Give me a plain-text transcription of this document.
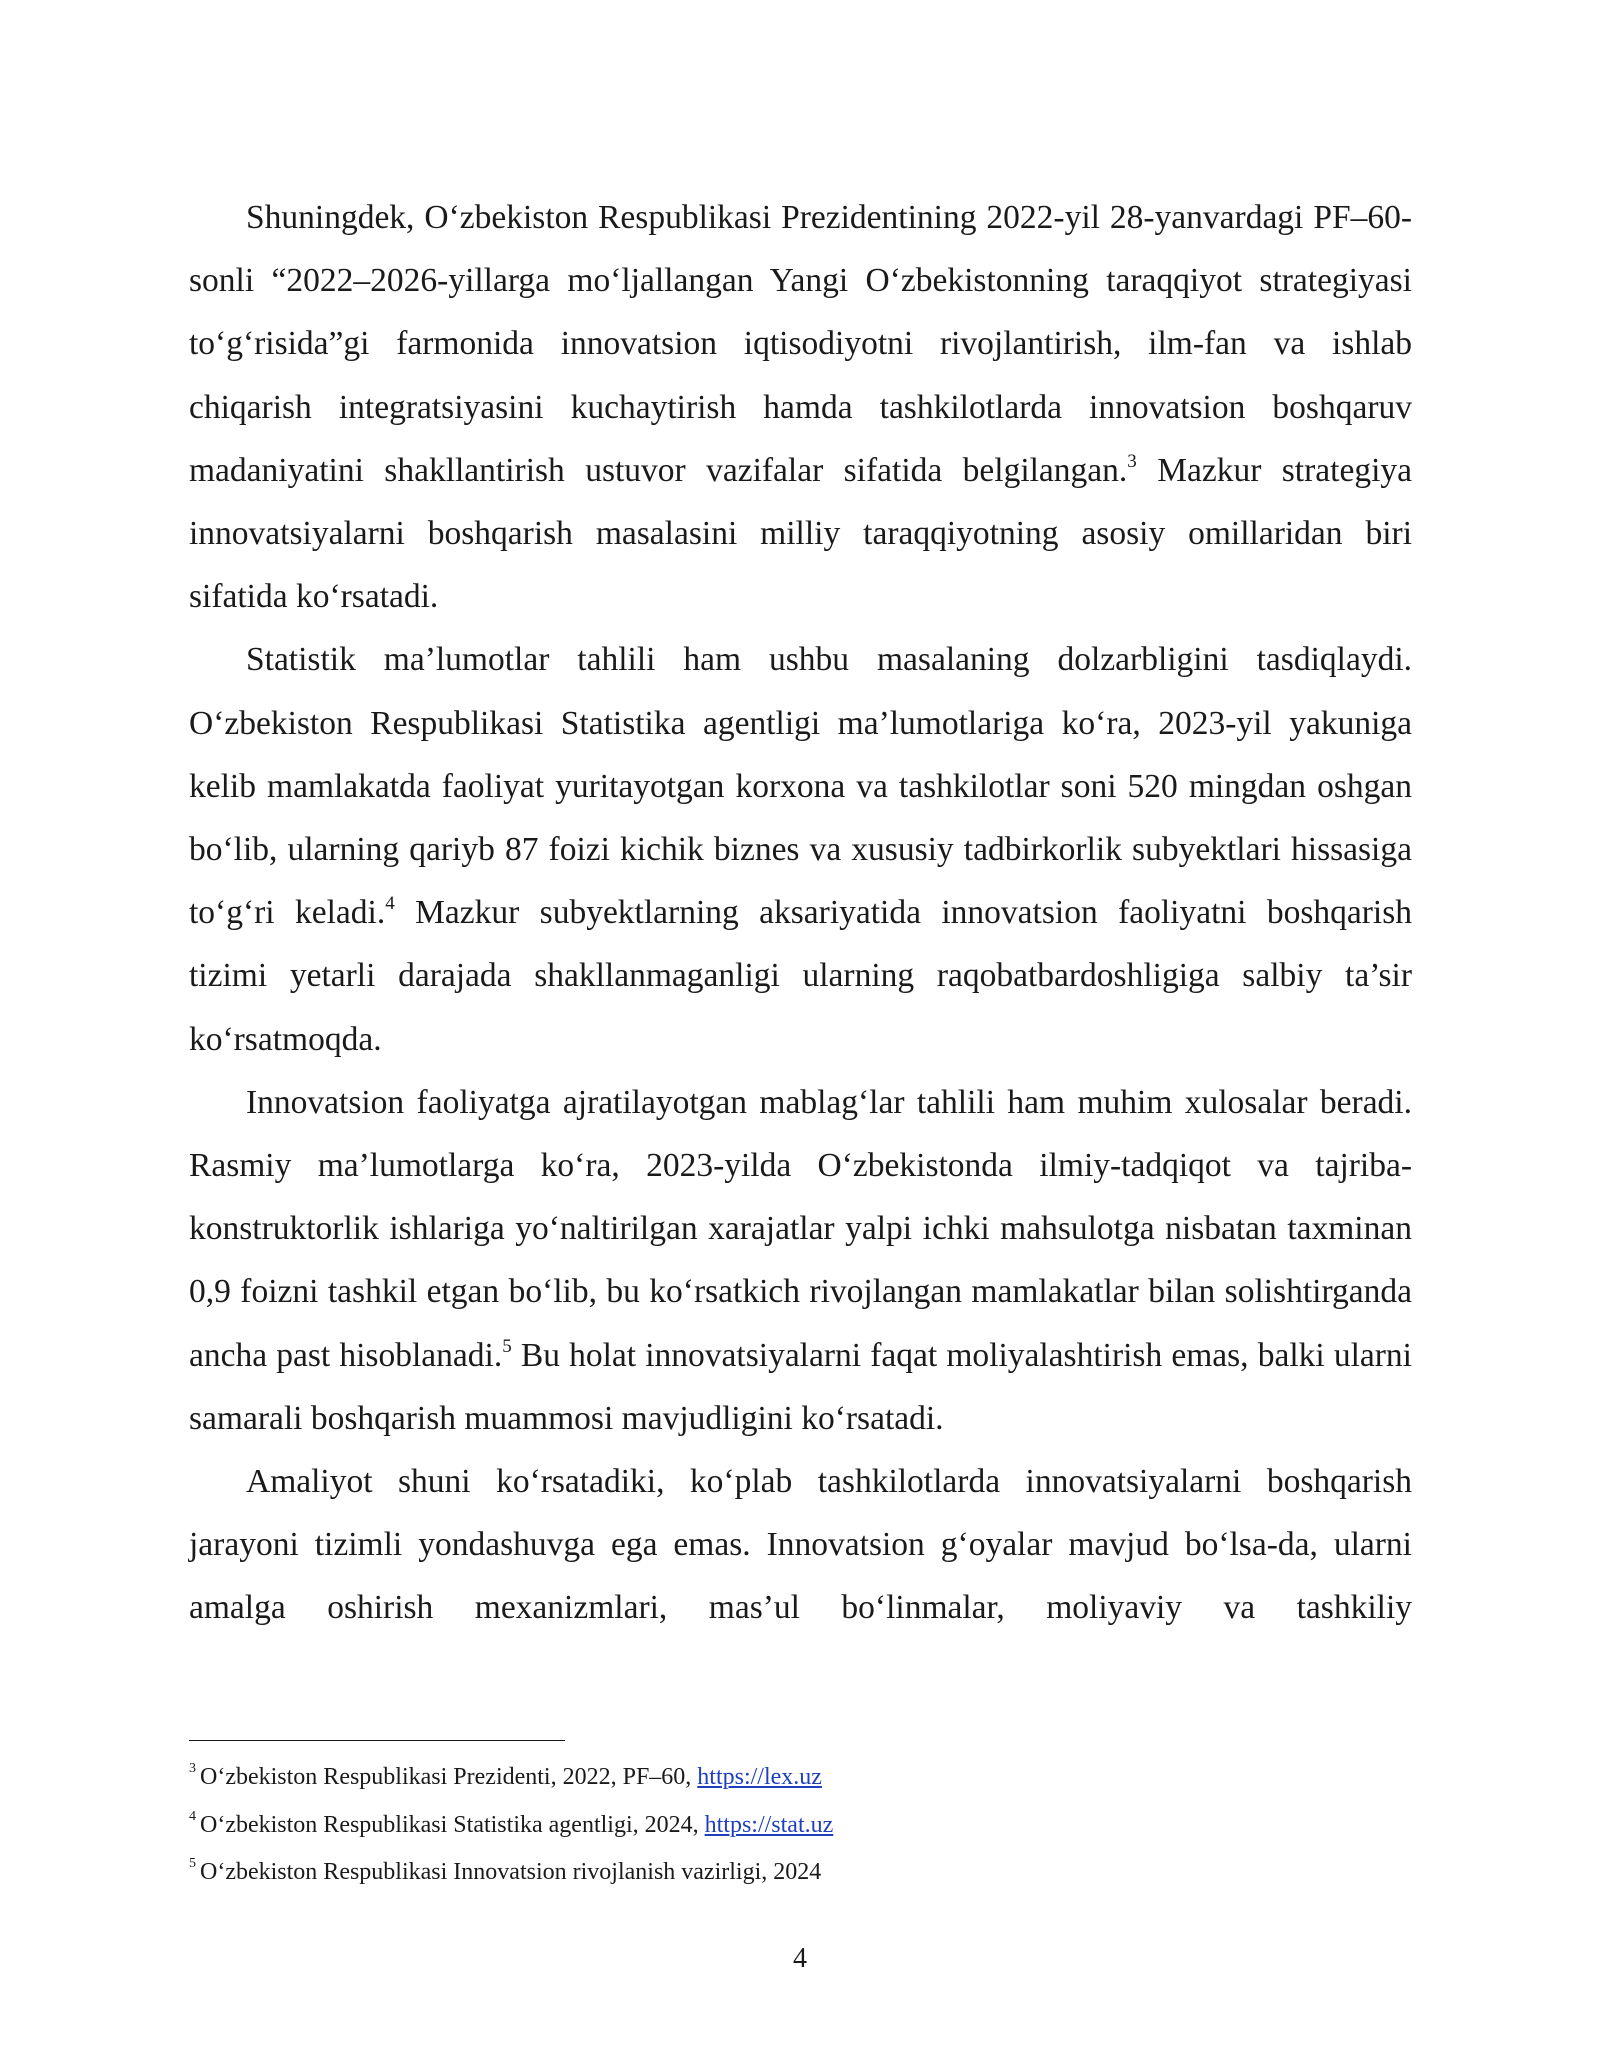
Shuningdek, O‘zbekiston Respublikasi Prezidentining 2022-yil 28-yanvardagi PF–60-sonli “2022–2026-yillarga mo‘ljallangan Yangi O‘zbekistonning taraqqiyot strategiyasi to‘g‘risida”gi farmonida innovatsion iqtisodiyotni rivojlantirish, ilm-fan va ishlab chiqarish integratsiyasini kuchaytirish hamda tashkilotlarda innovatsion boshqaruv madaniyatini shakllantirish ustuvor vazifalar sifatida belgilangan.$^3$ Mazkur strategiya innovatsiyalarni boshqarish masalasini milliy taraqqiyotning asosiy omillaridan biri sifatida ko‘rsatadi.

Statistik ma’lumotlar tahlili ham ushbu masalaning dolzarbligini tasdiqlaydi. O‘zbekiston Respublikasi Statistika agentligi ma’lumotlariga ko‘ra, 2023-yil yakuniga kelib mamlakatda faoliyat yuritayotgan korxona va tashkilotlar soni 520 mingdan oshgan bo‘lib, ularning qariyb 87 foizi kichik biznes va xususiy tadbirkorlik subyektlari hissasiga to‘g‘ri keladi.$^4$ Mazkur subyektlarning aksariyatida innovatsion faoliyatni boshqarish tizimi yetarli darajada shakllanmaganligi ularning raqobatbardoshligiga salbiy ta’sir ko‘rsatmoqda.

Innovatsion faoliyatga ajratilayotgan mablag‘lar tahlili ham muhim xulosalar beradi. Rasmiy ma’lumotlarga ko‘ra, 2023-yilda O‘zbekistonda ilmiy-tadqiqot va tajriba-konstruktorlik ishlariga yo‘naltirilgan xarajatlar yalpi ichki mahsulotga nisbatan taxminan 0,9 foizni tashkil etgan bo‘lib, bu ko‘rsatkich rivojlangan mamlakatlar bilan solishtirganda ancha past hisoblanadi.$^5$ Bu holat innovatsiyalarni faqat moliyalashtirish emas, balki ularni samarali boshqarish muammosi mavjudligini ko‘rsatadi.

Amaliyot shuni ko‘rsatadiki, ko‘plab tashkilotlarda innovatsiyalarni boshqarish jarayoni tizimli yondashuvga ega emas. Innovatsion g‘oyalar mavjud bo‘lsa-da, ularni amalga oshirish mexanizmlari, mas’ul bo‘linmalar, moliyaviy va tashkiliy

$^3$ O‘zbekiston Respublikasi Prezidenti, 2022, PF–60, https://lex.uz

$^4$ O‘zbekiston Respublikasi Statistika agentligi, 2024, https://stat.uz

$^5$ O‘zbekiston Respublikasi Innovatsion rivojlanish vazirligi, 2024

4
